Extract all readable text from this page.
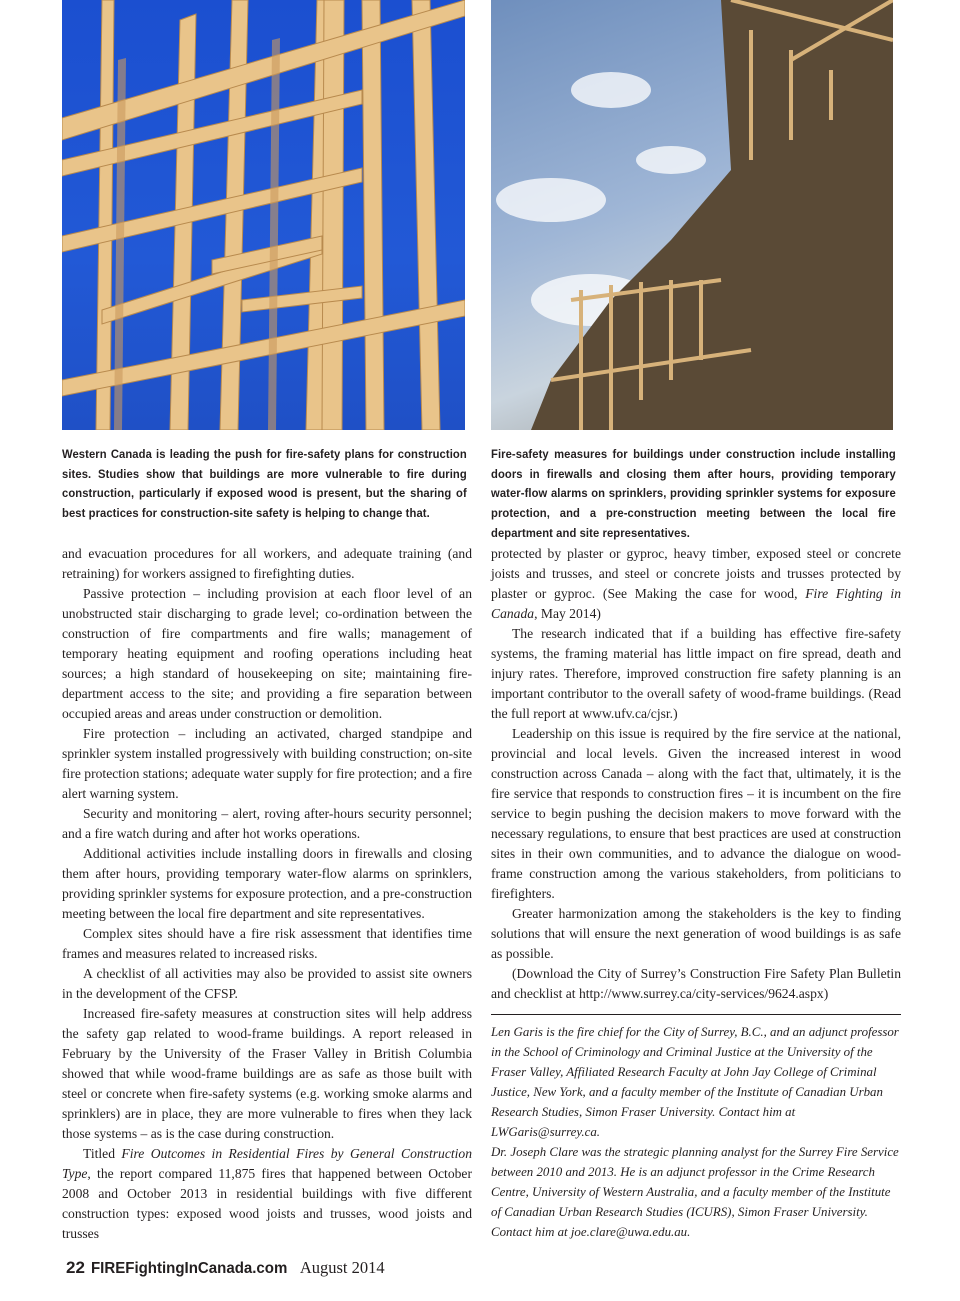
Western Canada is leading the push for fire-safety plans for construction sites. Studies show that buildings are more vulnerable to fire during construction, particularly if exposed wood is present, but the sharing of best practices for construction-site safety is helping to change that.
Fire-safety measures for buildings under construction include installing doors in firewalls and closing them after hours, providing temporary water-flow alarms on sprinklers, providing sprinkler systems for exposure protection, and a pre-construction meeting between the local fire department and site representatives.

and evacuation procedures for all workers, and adequate training (and retraining) for workers assigned to firefighting duties.

Passive protection – including provision at each floor level of an unobstructed stair discharging to grade level; co-ordination between the construction of fire compartments and fire walls; management of temporary heating equipment and roofing operations including heat sources; a high standard of housekeeping on site; maintaining fire-department access to the site; and providing a fire separation between occupied areas and areas under construction or demolition.

Fire protection – including an activated, charged standpipe and sprinkler system installed progressively with building construction; on-site fire protection stations; adequate water supply for fire protection; and a fire alert warning system.

Security and monitoring – alert, roving after-hours security personnel; and a fire watch during and after hot works operations.

Additional activities include installing doors in firewalls and closing them after hours, providing temporary water-flow alarms on sprinklers, providing sprinkler systems for exposure protection, and a pre-construction meeting between the local fire department and site representatives.

Complex sites should have a fire risk assessment that identifies time frames and measures related to increased risks.

A checklist of all activities may also be provided to assist site owners in the development of the CFSP.

Increased fire-safety measures at construction sites will help address the safety gap related to wood-frame buildings. A report released in February by the University of the Fraser Valley in British Columbia showed that while wood-frame buildings are as safe as those built with steel or concrete when fire-safety systems (e.g. working smoke alarms and sprinklers) are in place, they are more vulnerable to fires when they lack those systems – as is the case during construction.

Titled Fire Outcomes in Residential Fires by General Construction Type, the report compared 11,875 fires that happened between October 2008 and October 2013 in residential buildings with five different construction types: exposed wood joists and trusses, wood joists and trusses

protected by plaster or gyproc, heavy timber, exposed steel or concrete joists and trusses, and steel or concrete joists and trusses protected by plaster or gyproc. (See Making the case for wood, Fire Fighting in Canada, May 2014)

The research indicated that if a building has effective fire-safety systems, the framing material has little impact on fire spread, death and injury rates. Therefore, improved construction fire safety planning is an important contributor to the overall safety of wood-frame buildings. (Read the full report at www.ufv.ca/cjsr.)

Leadership on this issue is required by the fire service at the national, provincial and local levels. Given the increased interest in wood construction across Canada – along with the fact that, ultimately, it is the fire service that responds to construction fires – it is incumbent on the fire service to begin pushing the decision makers to move forward with the necessary regulations, to ensure that best practices are used at construction sites in their own communities, and to advance the dialogue on wood-frame construction among the various stakeholders, from politicians to firefighters.

Greater harmonization among the stakeholders is the key to finding solutions that will ensure the next generation of wood buildings is as safe as possible.

(Download the City of Surrey’s Construction Fire Safety Plan Bulletin and checklist at http://www.surrey.ca/city-services/9624.aspx)

Len Garis is the fire chief for the City of Surrey, B.C., and an adjunct professor in the School of Criminology and Criminal Justice at the University of the Fraser Valley, Affiliated Research Faculty at John Jay College of Criminal Justice, New York, and a faculty member of the Institute of Canadian Urban Research Studies, Simon Fraser University. Contact him at LWGaris@surrey.ca.

Dr. Joseph Clare was the strategic planning analyst for the Surrey Fire Service between 2010 and 2013. He is an adjunct professor in the Crime Research Centre, University of Western Australia, and a faculty member of the Institute of Canadian Urban Research Studies (ICURS), Simon Fraser University. Contact him at joe.clare@uwa.edu.au.

22 FIREFightingInCanada.com August 2014
